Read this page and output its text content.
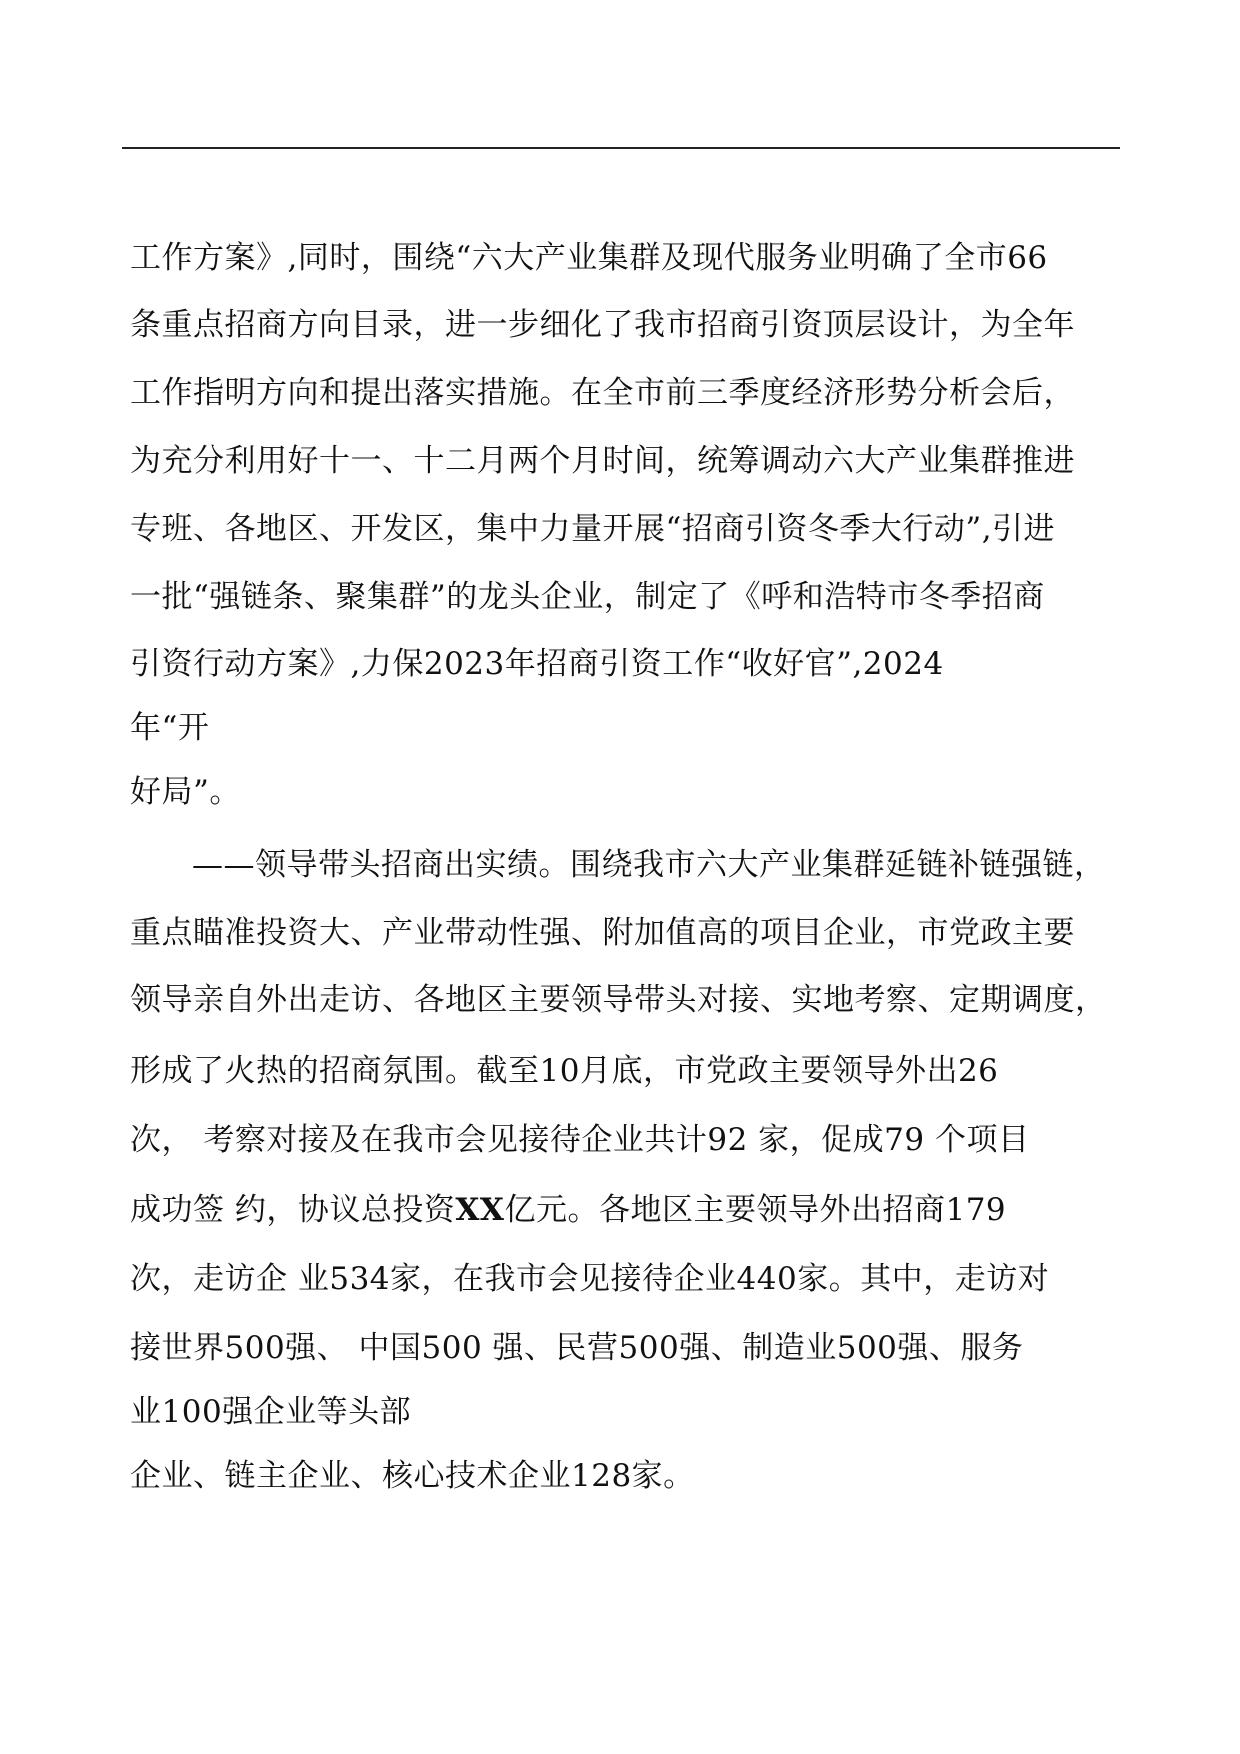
工作方案》,同时，围绕“六大产业集群及现代服务业明确了全市66
条重点招商方向目录，进一步细化了我市招商引资顶层设计，为全年
工作指明方向和提出落实措施。在全市前三季度经济形势分析会后，
为充分利用好十一、十二月两个月时间，统筹调动六大产业集群推进
专班、各地区、开发区，集中力量开展“招商引资冬季大行动”,引进
一批“强链条、聚集群”的龙头企业，制定了《呼和浩特市冬季招商
引资行动方案》,力保2023年招商引资工作“收好官”,2024
年“开
好局”。
——领导带头招商出实绩。围绕我市六大产业集群延链补链强链，
重点瞄准投资大、产业带动性强、附加值高的项目企业，市党政主要
领导亲自外出走访、各地区主要领导带头对接、实地考察、定期调度，
形成了火热的招商氛围。截至10月底，市党政主要领导外出26
次， 考察对接及在我市会见接待企业共计92 家，促成79 个项目
成功签 约，协议总投资XX亿元。各地区主要领导外出招商179
次，走访企 业534家，在我市会见接待企业440家。其中，走访对
接世界500强、 中国500 强、民营500强、制造业500强、服务
业100强企业等头部
企业、链主企业、核心技术企业128家。
